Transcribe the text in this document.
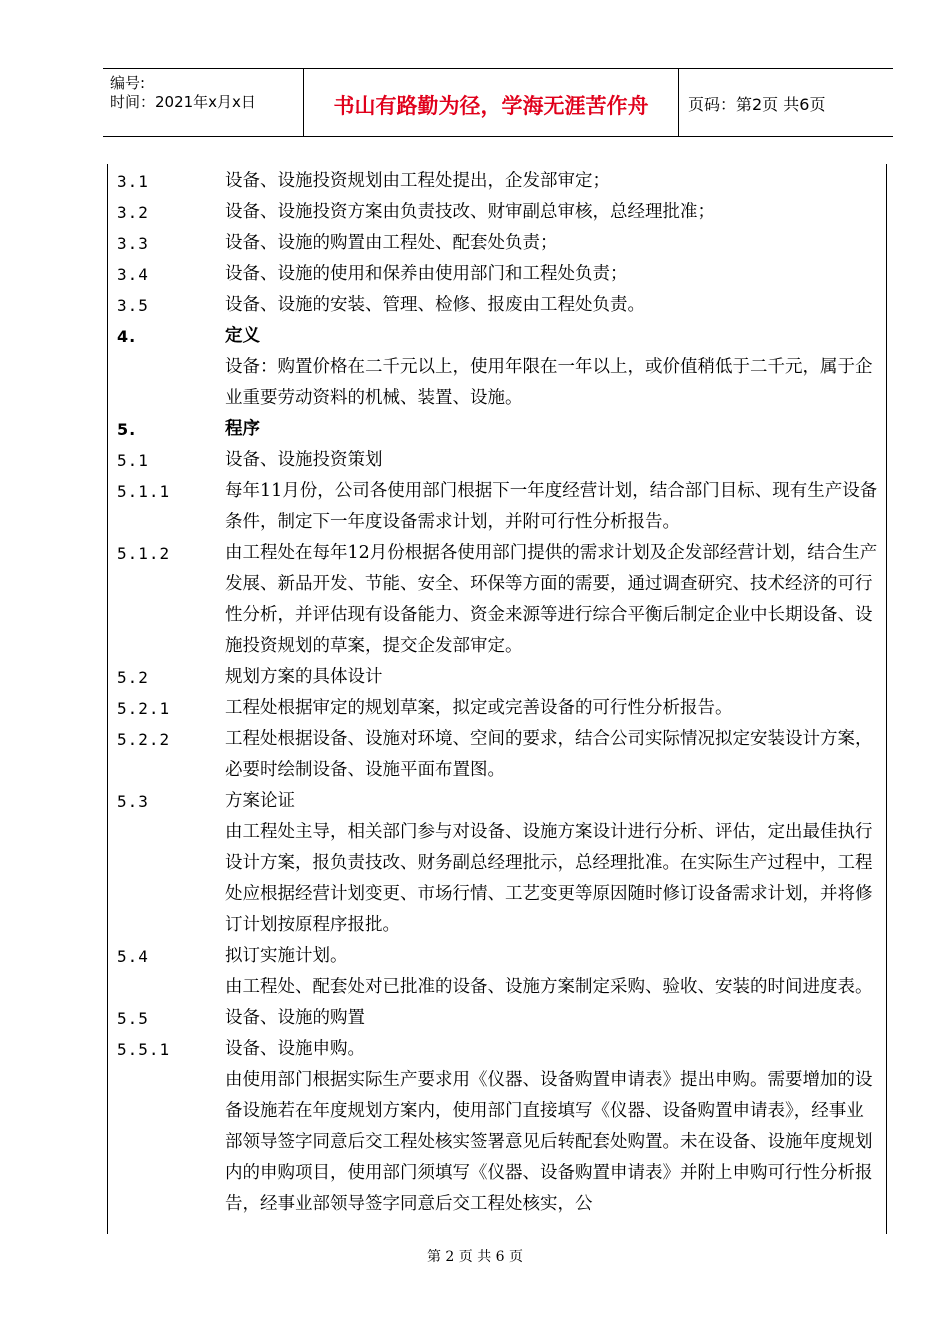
编号:
时间：2021年x月x日	书山有路勤为径，学海无涯苦作舟	页码：第2页 共6页
3.1	设备、设施投资规划由工程处提出，企发部审定；
3.2	设备、设施投资方案由负责技改、财审副总审核，总经理批准；
3.3	设备、设施的购置由工程处、配套处负责；
3.4	设备、设施的使用和保养由使用部门和工程处负责；
3.5	设备、设施的安装、管理、检修、报废由工程处负责。
4.	定义
设备：购置价格在二千元以上，使用年限在一年以上，或价值稍低于二千元，属于企业重要劳动资料的机械、装置、设施。
5.	程序
5.1	设备、设施投资策划
5.1.1	每年11月份，公司各使用部门根据下一年度经营计划，结合部门目标、现有生产设备条件，制定下一年度设备需求计划，并附可行性分析报告。
5.1.2	由工程处在每年12月份根据各使用部门提供的需求计划及企发部经营计划，结合生产发展、新品开发、节能、安全、环保等方面的需要，通过调查研究、技术经济的可行性分析，并评估现有设备能力、资金来源等进行综合平衡后制定企业中长期设备、设施投资规划的草案，提交企发部审定。
5.2	规划方案的具体设计
5.2.1	工程处根据审定的规划草案，拟定或完善设备的可行性分析报告。
5.2.2	工程处根据设备、设施对环境、空间的要求，结合公司实际情况拟定安装设计方案，必要时绘制设备、设施平面布置图。
5.3	方案论证
由工程处主导，相关部门参与对设备、设施方案设计进行分析、评估，定出最佳执行设计方案，报负责技改、财务副总经理批示，总经理批准。在实际生产过程中，工程处应根据经营计划变更、市场行情、工艺变更等原因随时修订设备需求计划，并将修订计划按原程序报批。
5.4	拟订实施计划。
由工程处、配套处对已批准的设备、设施方案制定采购、验收、安装的时间进度表。
5.5	设备、设施的购置
5.5.1	设备、设施申购。
由使用部门根据实际生产要求用《仪器、设备购置申请表》提出申购。需要增加的设备设施若在年度规划方案内，使用部门直接填写《仪器、设备购置申请表》，经事业部领导签字同意后交工程处核实签署意见后转配套处购置。未在设备、设施年度规划内的申购项目，使用部门须填写《仪器、设备购置申请表》并附上申购可行性分析报告，经事业部领导签字同意后交工程处核实，公
第 2 页 共 6 页
